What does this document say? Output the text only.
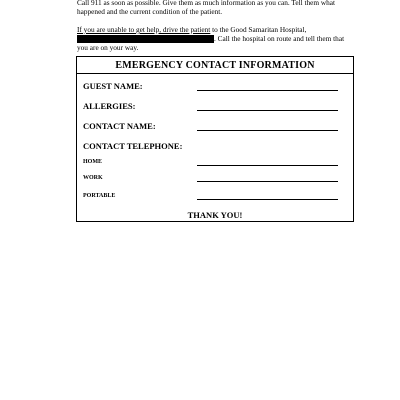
Call 911 as soon as possible. Give them as much information as you can. Tell them what
happened and the current condition of the patient.
If you are unable to get help, drive the patient to the Good Samaritan Hospital,
. Call the hospital on route and tell them that
you are on your way.
EMERGENCY CONTACT INFORMATION
GUEST NAME:
ALLERGIES:
CONTACT NAME:
CONTACT TELEPHONE:
HOME
WORK
PORTABLE
THANK YOU!
